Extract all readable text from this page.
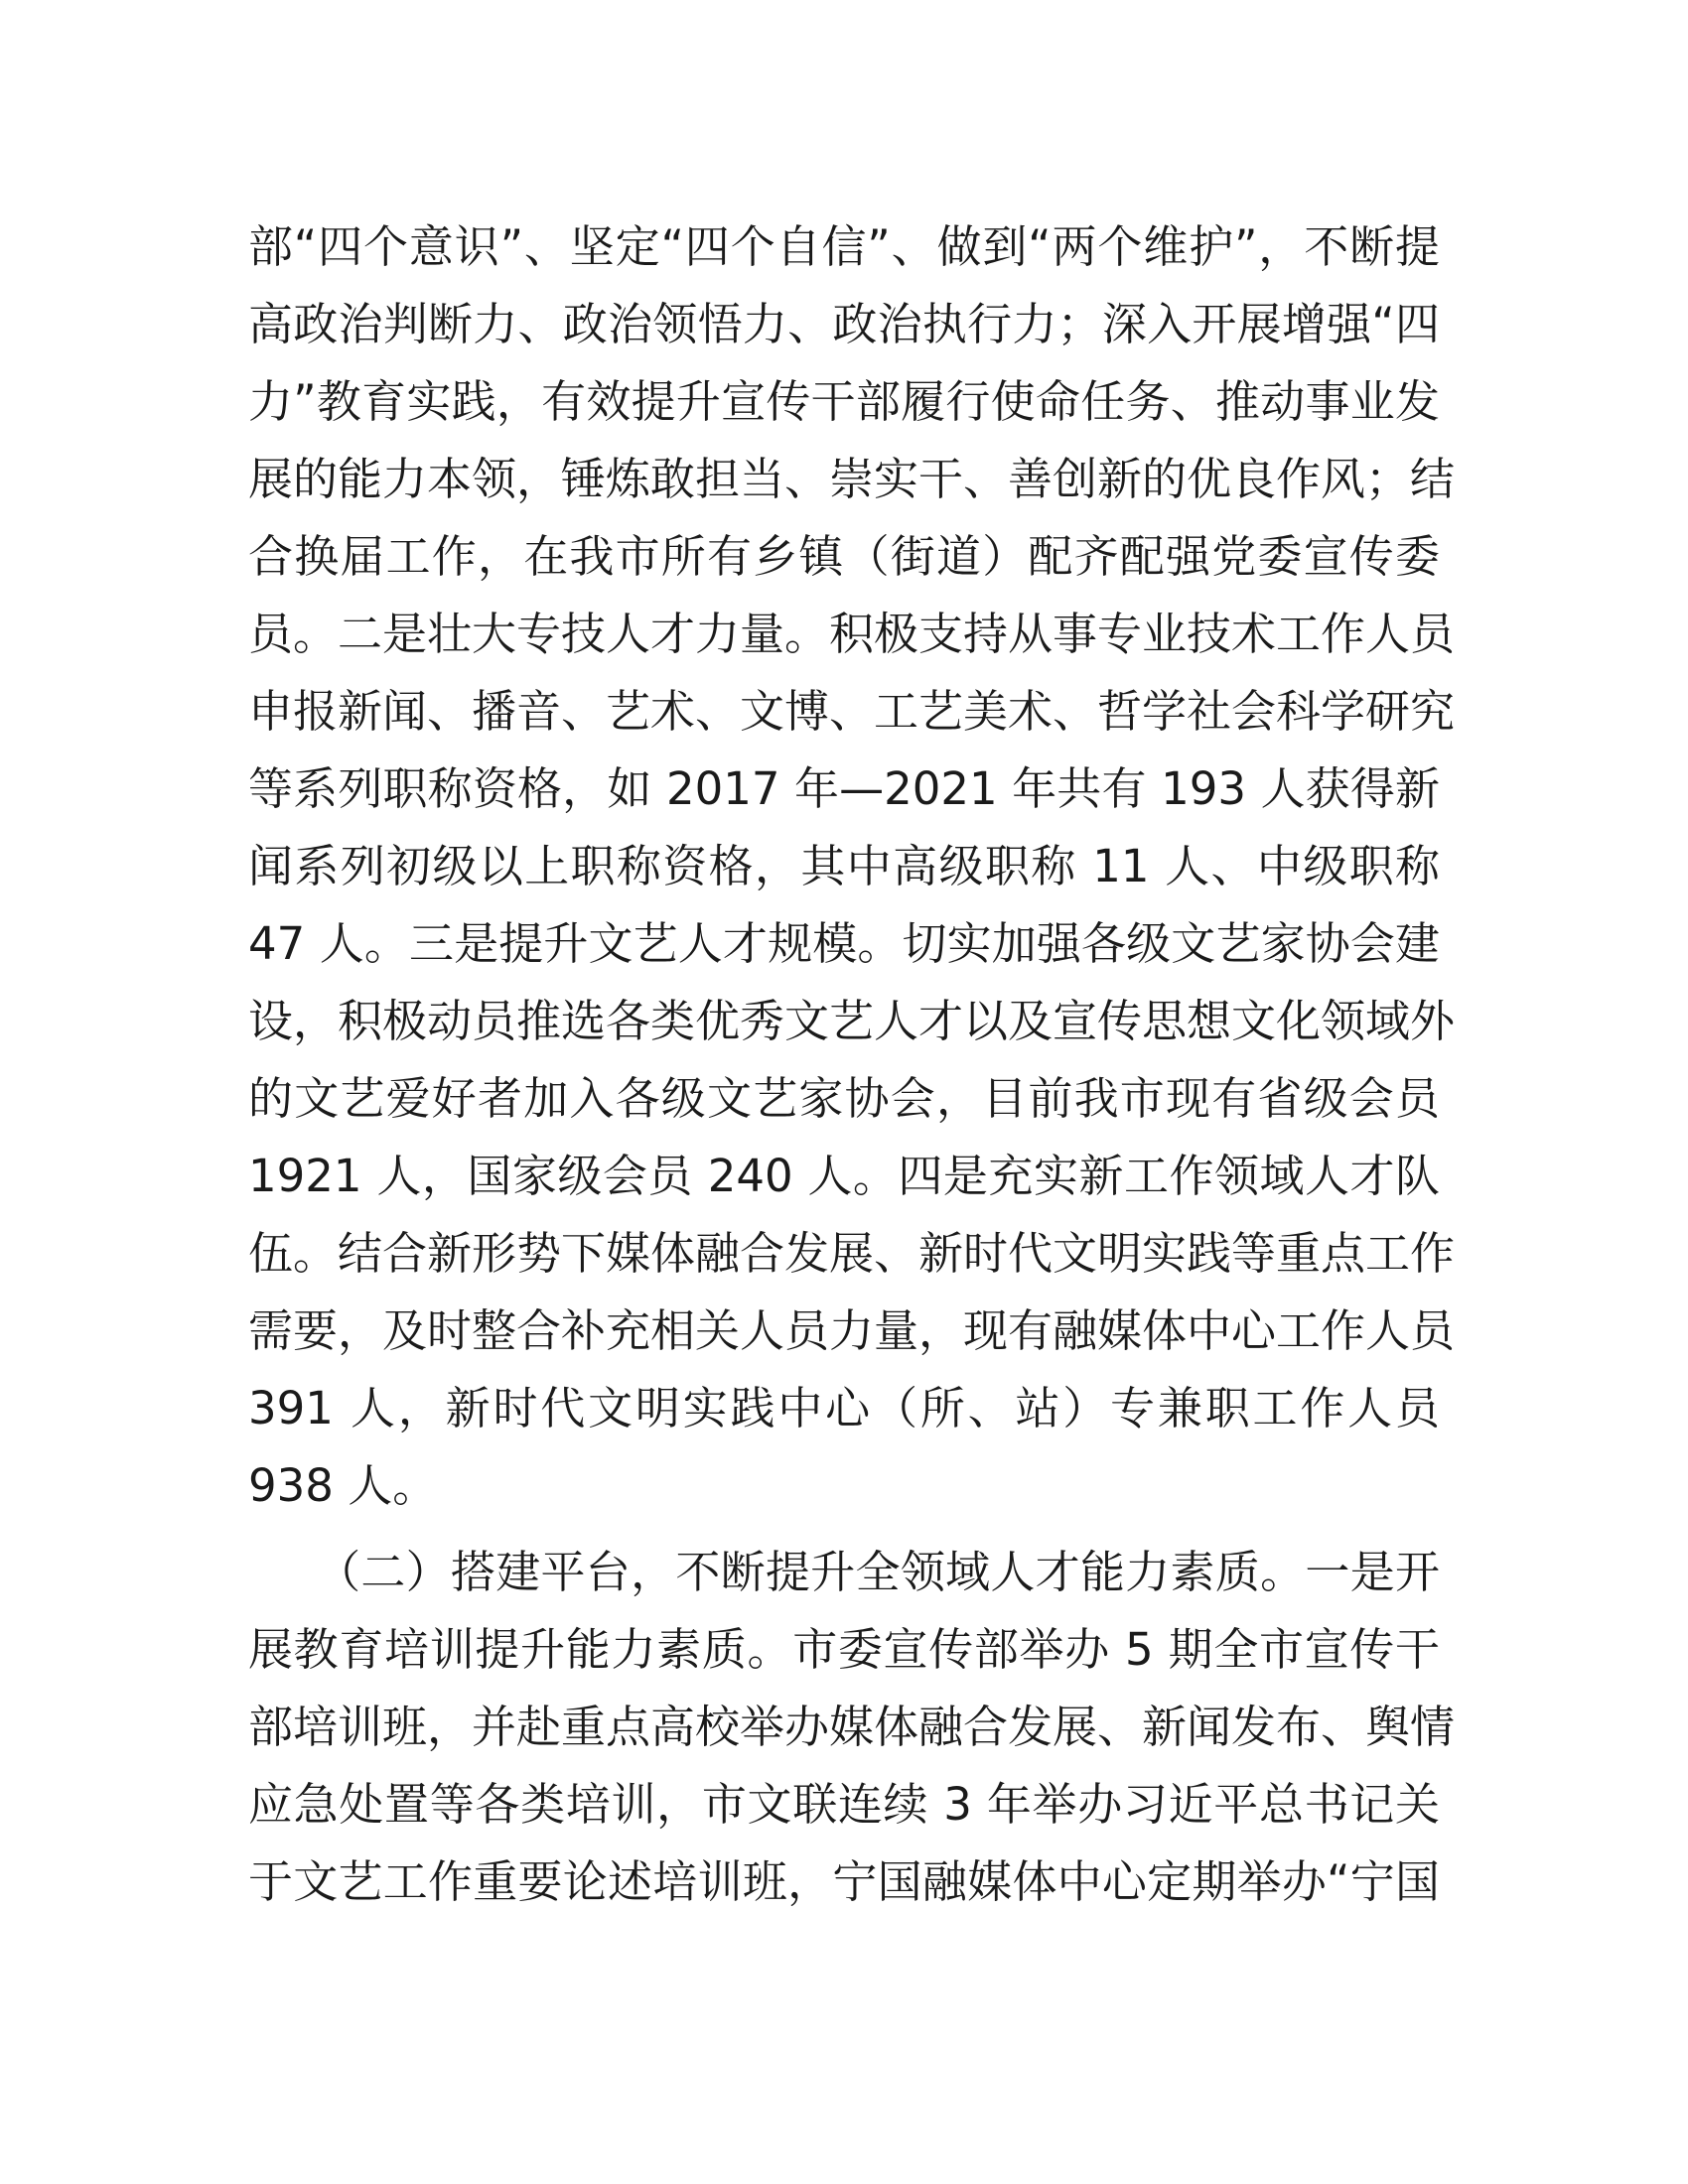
部“四个意识”、坚定“四个自信”、做到“两个维护”，不断提
高政治判断力、政治领悟力、政治执行力；深入开展增强“四
力”教育实践，有效提升宣传干部履行使命任务、推动事业发
展的能力本领，锤炼敢担当、崇实干、善创新的优良作风；结
合换届工作，在我市所有乡镇（街道）配齐配强党委宣传委
员。二是壮大专技人才力量。积极支持从事专业技术工作人员
申报新闻、播音、艺术、文博、工艺美术、哲学社会科学研究
等系列职称资格，如 2017 年—2021 年共有 193 人获得新
闻系列初级以上职称资格，其中高级职称 11 人、中级职称
47 人。三是提升文艺人才规模。切实加强各级文艺家协会建
设，积极动员推选各类优秀文艺人才以及宣传思想文化领域外
的文艺爱好者加入各级文艺家协会，目前我市现有省级会员
1921 人，国家级会员 240 人。四是充实新工作领域人才队
伍。结合新形势下媒体融合发展、新时代文明实践等重点工作
需要，及时整合补充相关人员力量，现有融媒体中心工作人员
391 人，新时代文明实践中心（所、站）专兼职工作人员
938 人。
　　（二）搭建平台，不断提升全领域人才能力素质。一是开
展教育培训提升能力素质。市委宣传部举办 5 期全市宣传干
部培训班，并赴重点高校举办媒体融合发展、新闻发布、舆情
应急处置等各类培训，市文联连续 3 年举办习近平总书记关
于文艺工作重要论述培训班，宁国融媒体中心定期举办“宁国
